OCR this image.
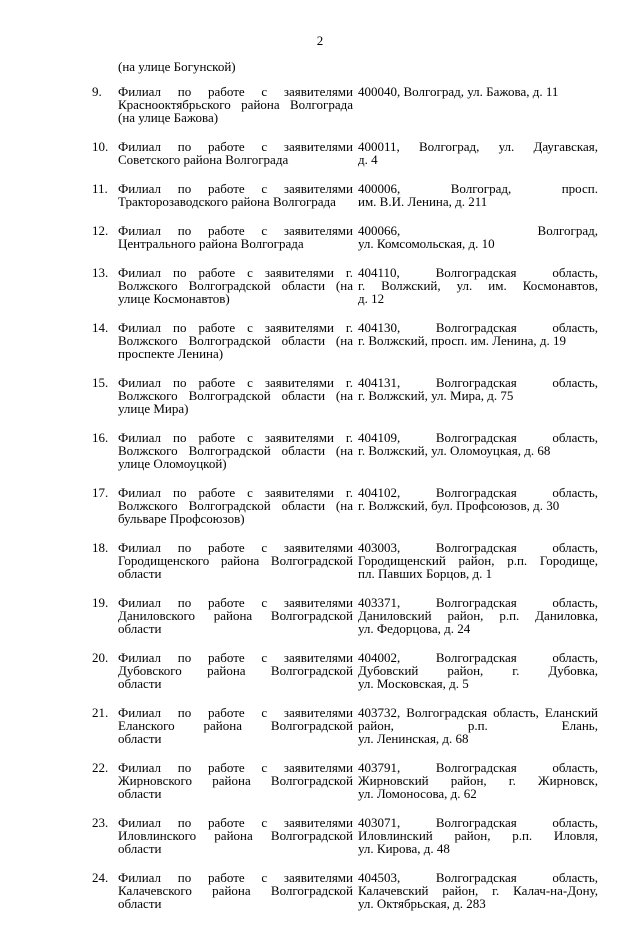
2
(на улице Богунской)
9.	Филиал по работе с заявителями
Краснооктябрьского района Волгограда
(на улице Бажова)
400040, Волгоград, ул. Бажова, д. 11
10. Филиал по работе с заявителями
Советского района Волгограда
400011, Волгоград, ул. Даугавская,
д. 4
11. Филиал по работе с заявителями
Тракторозаводского района Волгограда
400006, Волгоград, просп.
им. В.И. Ленина, д. 211
12. Филиал по работе с заявителями
Центрального района Волгограда
400066, Волгоград,
ул. Комсомольская, д. 10
13. Филиал по работе с заявителями г.
Волжского Волгоградской области (на
улице Космонавтов)
404110, Волгоградская область,
г. Волжский, ул. им. Космонавтов,
д. 12
14. Филиал по работе с заявителями г.
Волжского Волгоградской области (на
проспекте Ленина)
404130, Волгоградская область,
г. Волжский, просп. им. Ленина, д. 19
15. Филиал по работе с заявителями г.
Волжского Волгоградской области (на
улице Мира)
404131, Волгоградская область,
г. Волжский, ул. Мира, д. 75
16. Филиал по работе с заявителями г.
Волжского Волгоградской области (на
улице Оломоуцкой)
404109, Волгоградская область,
г. Волжский, ул. Оломоуцкая, д. 68
17. Филиал по работе с заявителями г.
Волжского Волгоградской области (на
бульваре Профсоюзов)
404102, Волгоградская область,
г. Волжский, бул. Профсоюзов, д. 30
18. Филиал по работе с заявителями
Городищенского района Волгоградской
области
403003, Волгоградская область,
Городищенский район, р.п. Городище,
пл. Павших Борцов, д. 1
19. Филиал по работе с заявителями
Даниловского района Волгоградской
области
403371, Волгоградская область,
Даниловский район, р.п. Даниловка,
ул. Федорцова, д. 24
20. Филиал по работе с заявителями
Дубовского района Волгоградской
области
404002, Волгоградская область,
Дубовский район, г. Дубовка,
ул. Московская, д. 5
21. Филиал по работе с заявителями
Еланского района Волгоградской
области
403732, Волгоградская область, Еланский
район, р.п. Елань,
ул. Ленинская, д. 68
22. Филиал по работе с заявителями
Жирновского района Волгоградской
области
403791, Волгоградская область,
Жирновский район, г. Жирновск,
ул. Ломоносова, д. 62
23. Филиал по работе с заявителями
Иловлинского района Волгоградской
области
403071, Волгоградская область,
Иловлинский район, р.п. Иловля,
ул. Кирова, д. 48
24. Филиал по работе с заявителями
Калачевского района Волгоградской
области
404503, Волгоградская область,
Калачевский район, г. Калач-на-Дону,
ул. Октябрьская, д. 283
